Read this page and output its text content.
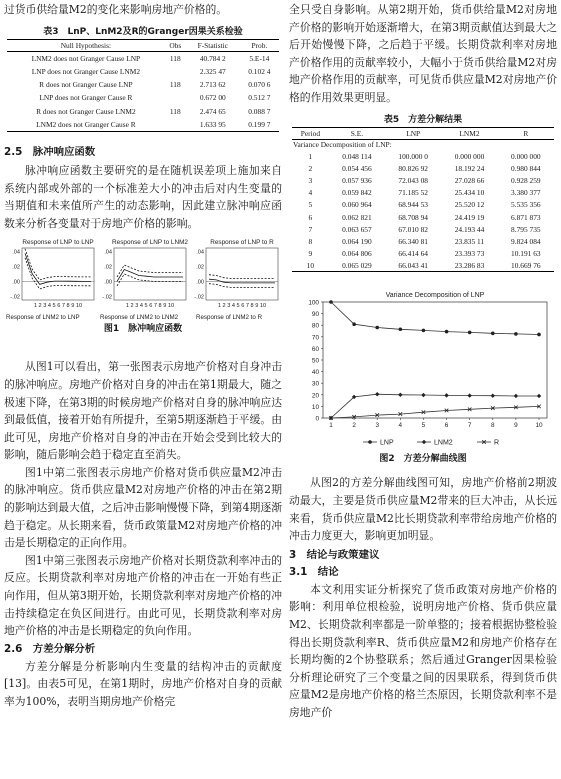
过货币供给量M2的变化来影响房地产价格的。

表3　LnP、LnM2及R的Granger因果关系检验
Null Hypothesis:	Obs	F-Statistic	Prob.
LNM2 does not Granger Cause LNP	118	40.784 2	5.E-14
LNP does not Granger Cause LNM2		2.325 47	0.102 4
R does not Granger Cause LNP	118	2.713 62	0.070 6
LNP does not Granger Cause R		0.672 00	0.512 7
R does not Granger Cause LNM2	118	2.474 65	0.088 7
LNM2 does not Granger Cause R		1.633 95	0.199 7
2.5　脉冲响应函数

脉冲响应函数主要研究的是在随机误差项上施加来自系统内部或外部的一个标准差大小的冲击后对内生变量的当期值和未来值所产生的动态影响，因此建立脉冲响应函数来分析各变量对于房地产价格的影响。

Response of LNP to LNP
.04
.02
.00
-.02
1 2 3 4 5 6 7 8 9 10
Response of LNP to LNM2
.04
.02
.00
-.02
1 2 3 4 5 6 7 8 9 10
Response of LNP to R
.04
.02
.00
-.02
1 2 3 4 5 6 7 8 9 10
Response of LNM2 to LNP	Response of LNM2 to LNM2	Response of LNM2 to R
图1　脉冲响应函数

从图1可以看出，第一张图表示房地产价格对自身冲击的脉冲响应。房地产价格对自身的冲击在第1期最大，随之极速下降，在第3期的时候房地产价格对自身的脉冲响应达到最低值，接着开始有所提升，至第5期逐渐趋于平缓。由此可见，房地产价格对自身的冲击在开始会受到比较大的影响，随后影响会趋于稳定直至消失。

图1中第二张图表示房地产价格对货币供应量M2冲击的脉冲响应。货币供应量M2对房地产价格的冲击在第2期的影响达到最大值，之后冲击影响慢慢下降，到第4期逐渐趋于稳定。从长期来看，货币政策量M2对房地产价格的冲击是长期稳定的正向作用。

图1中第三张图表示房地产价格对长期贷款利率冲击的反应。长期贷款利率对房地产价格的冲击在一开始有些正向作用，但从第3期开始，长期贷款利率对房地产价格的冲击持续稳定在负区间进行。由此可见，长期贷款利率对房地产价格的冲击是长期稳定的负向作用。

2.6　方差分解分析

方差分解是分析影响内生变量的结构冲击的贡献度[13]。由表5可见，在第1期时，房地产价格对自身的贡献率为100%，表明当期房地产价格完

全只受自身影响。从第2期开始，货币供给量M2对房地产价格的影响开始逐渐增大，在第3期贡献值达到最大之后开始慢慢下降，之后趋于平缓。长期贷款利率对房地产价格作用的贡献率较小，大幅小于货币供给量M2对房地产价格作用的贡献率，可见货币供应量M2对房地产价格的作用效果更明显。

表5　方差分解结果
Variance Decomposition of LNP:				
Period	S.E.	LNP	LNM2	R
1	0.048 114	100.000 0	0.000 000	0.000 000
2	0.054 456	80.826 92	18.192 24	0.980 844
3	0.057 936	72.043 08	27.028 66	0.928 259
4	0.059 842	71.185 52	25.434 10	3.380 377
5	0.060 964	68.944 53	25.520 12	5.535 356
6	0.062 821	68.708 94	24.419 19	6.871 873
7	0.063 657	67.010 82	24.193 44	8.795 735
8	0.064 190	66.340 81	23.835 11	9.824 084
9	0.064 806	66.414 64	23.393 73	10.191 63
10	0.065 029	66.043 41	23.286 83	10.669 76
Variance Decomposition of LNP
0
10
20
30
40
50
60
70
80
90
100
1	2	3	4	5	6	7	8	9	10
LNP	LNM2	R
图2　方差分解曲线图

从图2的方差分解曲线图可知，房地产价格前2期波动最大，主要是货币供应量M2带来的巨大冲击，从长远来看，货币供应量M2比长期贷款利率带给房地产价格的冲击力度更大，影响更加明显。

3　结论与政策建议
3.1　结论

本文利用实证分析探究了货币政策对房地产价格的影响：利用单位根检验，说明房地产价格、货币供应量M2、长期贷款利率都是一阶单整的；接着根据协整检验得出长期贷款利率R、货币供应量M2和房地产价格存在长期均衡的2个协整联系；然后通过Granger因果检验分析理论研究了三个变量之间的因果联系，得到货币供应量M2是房地产价格的格兰杰原因，长期贷款利率不是房地产价
